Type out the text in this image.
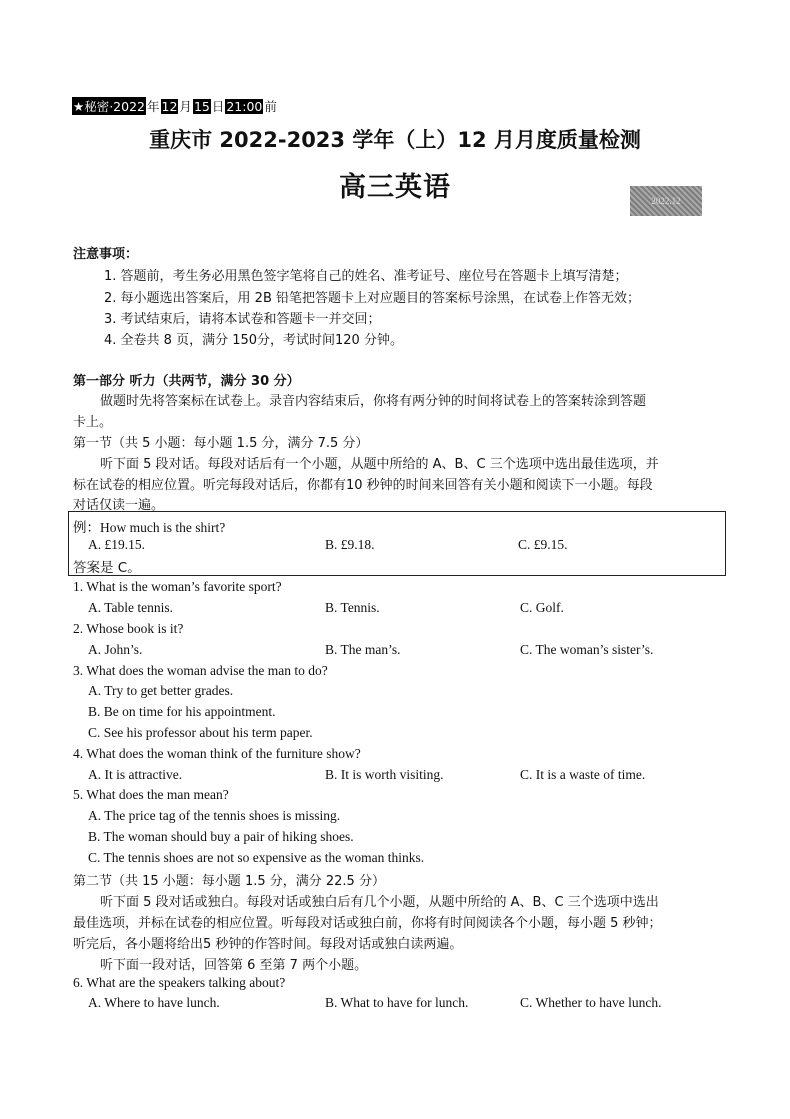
★秘密·2022 年 12 月 15 日 21:00 前
重庆市 2022-2023 学年（上）12 月月度质量检测
高三英语	2022.12
注意事项：
1. 答题前，考生务必用黑色签字笔将自己的姓名、准考证号、座位号在答题卡上填写清楚；
2. 每小题选出答案后，用 2B 铅笔把答题卡上对应题目的答案标号涂黑，在试卷上作答无效；
3. 考试结束后，请将本试卷和答题卡一并交回；
4. 全卷共 8 页，满分 150分，考试时间120 分钟。
第一部分 听力（共两节，满分 30 分）
做题时先将答案标在试卷上。录音内容结束后，你将有两分钟的时间将试卷上的答案转涂到答题
卡上。
第一节（共 5 小题：每小题 1.5 分，满分 7.5 分）
听下面 5 段对话。每段对话后有一个小题，从题中所给的 A、B、C 三个选项中选出最佳选项，并
标在试卷的相应位置。听完每段对话后，你都有10 秒钟的时间来回答有关小题和阅读下一小题。每段
对话仅读一遍。
例：How much is the shirt?
A. £19.15.	B. £9.18.	C. £9.15.
答案是 C。
1. What is the woman’s favorite sport?
A. Table tennis.	B. Tennis.	C. Golf.
2. Whose book is it?
A. John’s.	B. The man’s.	C. The woman’s sister’s.
3. What does the woman advise the man to do?
A. Try to get better grades.
B. Be on time for his appointment.
C. See his professor about his term paper.
4. What does the woman think of the furniture show?
A. It is attractive.	B. It is worth visiting.	C. It is a waste of time.
5. What does the man mean?
A. The price tag of the tennis shoes is missing.
B. The woman should buy a pair of hiking shoes.
C. The tennis shoes are not so expensive as the woman thinks.
第二节（共 15 小题：每小题 1.5 分，满分 22.5 分）
听下面 5 段对话或独白。每段对话或独白后有几个小题，从题中所给的 A、B、C 三个选项中选出
最佳选项，并标在试卷的相应位置。听每段对话或独白前，你将有时间阅读各个小题，每小题 5 秒钟；
听完后，各小题将给出5 秒钟的作答时间。每段对话或独白读两遍。
听下面一段对话，回答第 6 至第 7 两个小题。
6. What are the speakers talking about?
A. Where to have lunch.	B. What to have for lunch.	C. Whether to have lunch.
